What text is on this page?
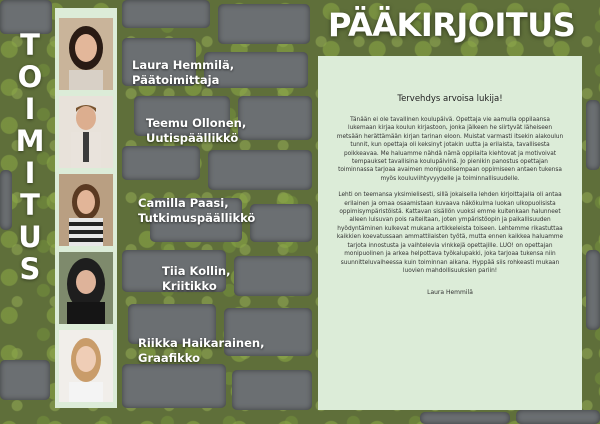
T
O
I
M
I
T
U
S
Laura Hemmilä,
Päätoimittaja
Teemu Ollonen,
Uutispäällikkö
Camilla Paasi,
Tutkimuspäällikkö
Tiia Kollin,
Kriitikko
Riikka Haikarainen,
Graafikko
PÄÄKIRJOITUS
Tervehdys arvoisa lukija!

Tänään ei ole tavallinen koulupäivä. Opettaja vie aamulla oppilaansa lukemaan kirjaa koulun kirjastoon, jonka jälkeen he siirtyvät läheiseen metsään herättämään kirjan tarinan eloon. Muistat varmasti itsekin alakoulun tunnit, kun opettaja oli keksinyt jotakin uutta ja erilaista, tavallisesta poikkeavaa. Me haluamme nähdä nämä oppilaita kiehtovat ja motivoivat tempaukset tavallisina koulupäivinä. Jo pienikin panostus opettajan toiminnassa tarjoaa avaimen monipuolisempaan oppimiseen antaen tukensa myös kouluviihtyvyydelle ja toiminnallisuudelle.

Lehti on teemansa yksimielisesti, sillä jokaisella lehden kirjoittajalla oli antaa erilainen ja omaa osaamistaan kuvaava näkökulma luokan ulkopuolisista oppimisympäristöistä. Kattavan sisällön vuoksi emme kuitenkaan halunneet alleen luisuvan pois raiteiltaan, joten ympäristöopin ja paikallisuuden hyödyntäminen kulkevat mukana artikkeleista toiseen. Lehtemme rikastuttaa kaikkien koevatussaan ammattilaisten työtä, mutta ennen kaikkea haluamme tarjota innostusta ja vaihtelevia vinkkejä opettajille. LUO! on opettajan monipuolinen ja arkea helpottava työkalupakki, joka tarjoaa tukensa niin suunnitteluvaiheessa kuin toiminnan aikana. Hyppää siis rohkeasti mukaan luovien mahdollisuuksien pariin!

Laura Hemmilä
